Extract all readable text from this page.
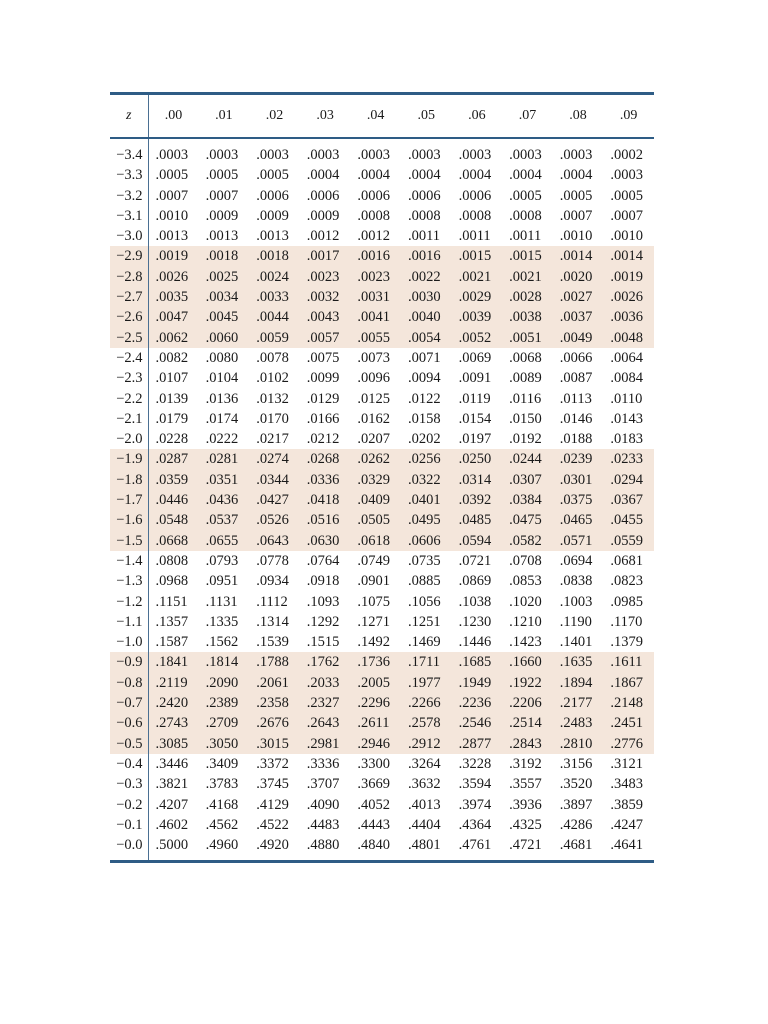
z	.00	.01	.02	.03	.04	.05	.06	.07	.08	.09
−3.4	.0003	.0003	.0003	.0003	.0003	.0003	.0003	.0003	.0003	.0002
−3.3	.0005	.0005	.0005	.0004	.0004	.0004	.0004	.0004	.0004	.0003
−3.2	.0007	.0007	.0006	.0006	.0006	.0006	.0006	.0005	.0005	.0005
−3.1	.0010	.0009	.0009	.0009	.0008	.0008	.0008	.0008	.0007	.0007
−3.0	.0013	.0013	.0013	.0012	.0012	.0011	.0011	.0011	.0010	.0010
−2.9	.0019	.0018	.0018	.0017	.0016	.0016	.0015	.0015	.0014	.0014
−2.8	.0026	.0025	.0024	.0023	.0023	.0022	.0021	.0021	.0020	.0019
−2.7	.0035	.0034	.0033	.0032	.0031	.0030	.0029	.0028	.0027	.0026
−2.6	.0047	.0045	.0044	.0043	.0041	.0040	.0039	.0038	.0037	.0036
−2.5	.0062	.0060	.0059	.0057	.0055	.0054	.0052	.0051	.0049	.0048
−2.4	.0082	.0080	.0078	.0075	.0073	.0071	.0069	.0068	.0066	.0064
−2.3	.0107	.0104	.0102	.0099	.0096	.0094	.0091	.0089	.0087	.0084
−2.2	.0139	.0136	.0132	.0129	.0125	.0122	.0119	.0116	.0113	.0110
−2.1	.0179	.0174	.0170	.0166	.0162	.0158	.0154	.0150	.0146	.0143
−2.0	.0228	.0222	.0217	.0212	.0207	.0202	.0197	.0192	.0188	.0183
−1.9	.0287	.0281	.0274	.0268	.0262	.0256	.0250	.0244	.0239	.0233
−1.8	.0359	.0351	.0344	.0336	.0329	.0322	.0314	.0307	.0301	.0294
−1.7	.0446	.0436	.0427	.0418	.0409	.0401	.0392	.0384	.0375	.0367
−1.6	.0548	.0537	.0526	.0516	.0505	.0495	.0485	.0475	.0465	.0455
−1.5	.0668	.0655	.0643	.0630	.0618	.0606	.0594	.0582	.0571	.0559
−1.4	.0808	.0793	.0778	.0764	.0749	.0735	.0721	.0708	.0694	.0681
−1.3	.0968	.0951	.0934	.0918	.0901	.0885	.0869	.0853	.0838	.0823
−1.2	.1151	.1131	.1112	.1093	.1075	.1056	.1038	.1020	.1003	.0985
−1.1	.1357	.1335	.1314	.1292	.1271	.1251	.1230	.1210	.1190	.1170
−1.0	.1587	.1562	.1539	.1515	.1492	.1469	.1446	.1423	.1401	.1379
−0.9	.1841	.1814	.1788	.1762	.1736	.1711	.1685	.1660	.1635	.1611
−0.8	.2119	.2090	.2061	.2033	.2005	.1977	.1949	.1922	.1894	.1867
−0.7	.2420	.2389	.2358	.2327	.2296	.2266	.2236	.2206	.2177	.2148
−0.6	.2743	.2709	.2676	.2643	.2611	.2578	.2546	.2514	.2483	.2451
−0.5	.3085	.3050	.3015	.2981	.2946	.2912	.2877	.2843	.2810	.2776
−0.4	.3446	.3409	.3372	.3336	.3300	.3264	.3228	.3192	.3156	.3121
−0.3	.3821	.3783	.3745	.3707	.3669	.3632	.3594	.3557	.3520	.3483
−0.2	.4207	.4168	.4129	.4090	.4052	.4013	.3974	.3936	.3897	.3859
−0.1	.4602	.4562	.4522	.4483	.4443	.4404	.4364	.4325	.4286	.4247
−0.0	.5000	.4960	.4920	.4880	.4840	.4801	.4761	.4721	.4681	.4641
